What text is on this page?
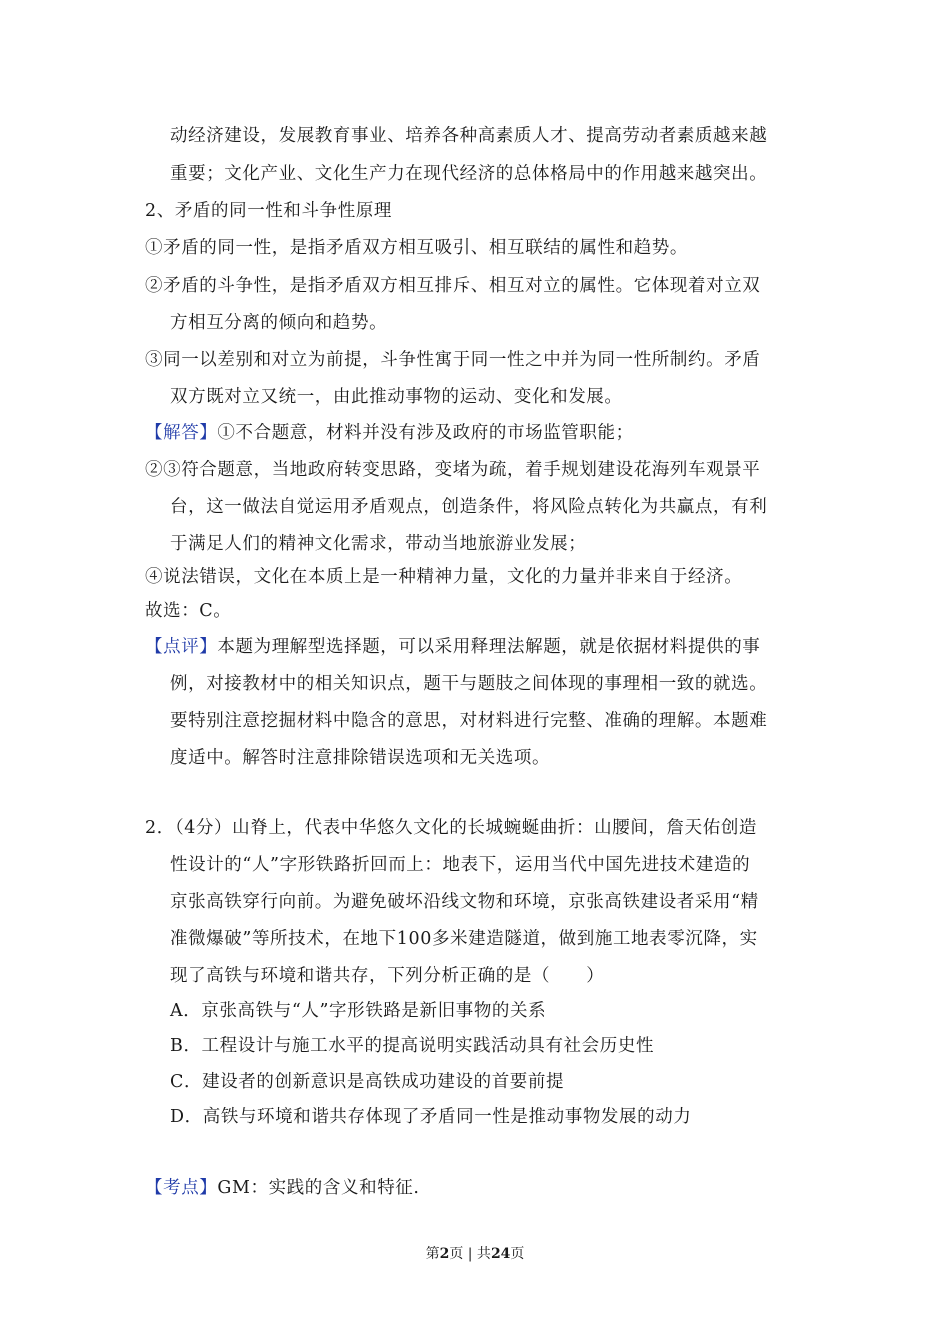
动经济建设，发展教育事业、培养各种高素质人才、提高劳动者素质越来越
重要；文化产业、文化生产力在现代经济的总体格局中的作用越来越突出。
2、矛盾的同一性和斗争性原理
①矛盾的同一性，是指矛盾双方相互吸引、相互联结的属性和趋势。
②矛盾的斗争性，是指矛盾双方相互排斥、相互对立的属性。它体现着对立双
方相互分离的倾向和趋势。
③同一以差别和对立为前提，斗争性寓于同一性之中并为同一性所制约。矛盾
双方既对立又统一，由此推动事物的运动、变化和发展。
【解答】①不合题意，材料并没有涉及政府的市场监管职能；
②③符合题意，当地政府转变思路，变堵为疏，着手规划建设花海列车观景平
台，这一做法自觉运用矛盾观点，创造条件，将风险点转化为共赢点，有利
于满足人们的精神文化需求，带动当地旅游业发展；
④说法错误，文化在本质上是一种精神力量，文化的力量并非来自于经济。
故选：C。
【点评】本题为理解型选择题，可以采用释理法解题，就是依据材料提供的事
例，对接教材中的相关知识点，题干与题肢之间体现的事理相一致的就选。
要特别注意挖掘材料中隐含的意思，对材料进行完整、准确的理解。本题难
度适中。解答时注意排除错误选项和无关选项。
2．（4分）山脊上，代表中华悠久文化的长城蜿蜒曲折：山腰间，詹天佑创造
性设计的“人”字形铁路折回而上：地表下，运用当代中国先进技术建造的
京张高铁穿行向前。为避免破坏沿线文物和环境，京张高铁建设者采用“精
准微爆破”等所技术，在地下100多米建造隧道，做到施工地表零沉降，实
现了高铁与环境和谐共存，下列分析正确的是（　　）
A．京张高铁与“人”字形铁路是新旧事物的关系
B．工程设计与施工水平的提高说明实践活动具有社会历史性
C．建设者的创新意识是高铁成功建设的首要前提
D．高铁与环境和谐共存体现了矛盾同一性是推动事物发展的动力
【考点】GM：实践的含义和特征.
第2页 | 共24页
